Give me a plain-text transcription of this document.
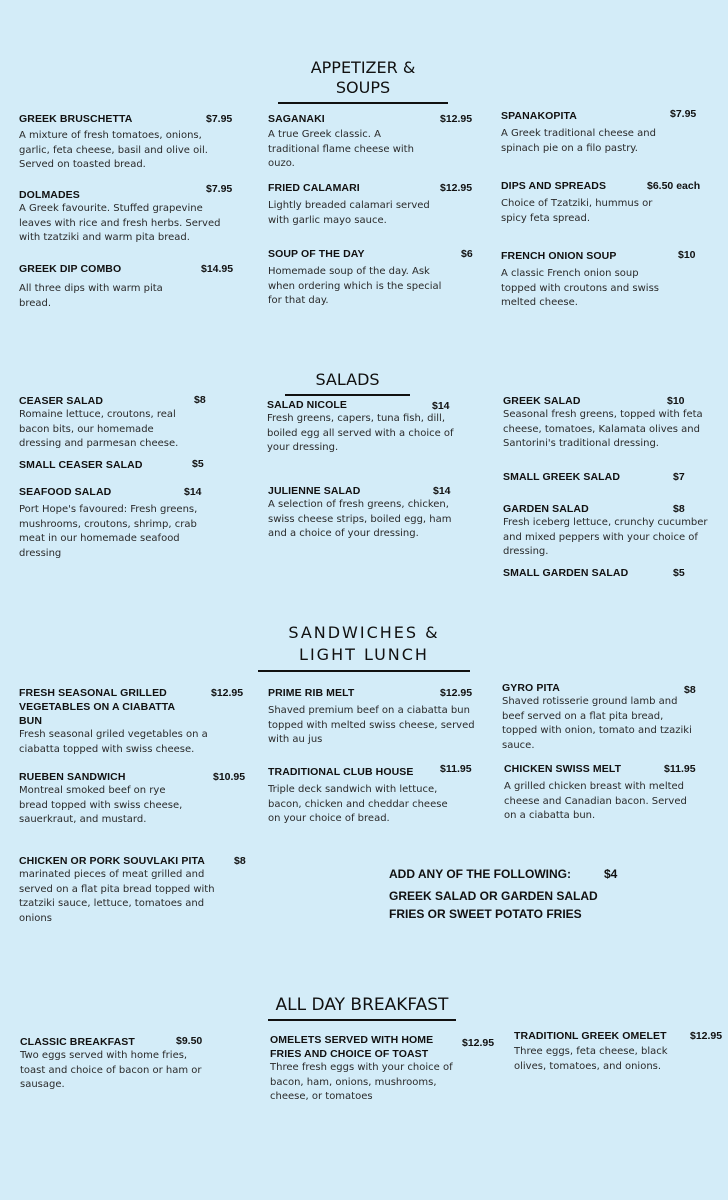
APPETIZER & SOUPS
SALADS
SANDWICHES & LIGHT LUNCH
ALL DAY BREAKFAST
GREEK BRUSCHETTA	$7.95
A mixture of fresh tomatoes, onions, garlic, feta cheese, basil and olive oil. Served on toasted bread.
DOLMADES	$7.95
A Greek favourite. Stuffed grapevine leaves with rice and fresh herbs. Served with tzatziki and warm pita bread.
GREEK DIP COMBO	$14.95
All three dips with warm pita bread.
SAGANAKI	$12.95
A true Greek classic. A traditional flame cheese with ouzo.
FRIED CALAMARI	$12.95
Lightly breaded calamari served with garlic mayo sauce.
SOUP OF THE DAY	$6
Homemade soup of the day. Ask when ordering which is the special for that day.
SPANAKOPITA	$7.95
A Greek traditional cheese and spinach pie on a filo pastry.
DIPS AND SPREADS	$6.50 each
Choice of Tzatziki, hummus or spicy feta spread.
FRENCH ONION SOUP	$10
A classic French onion soup topped with croutons and swiss melted cheese.
CEASER SALAD	$8
Romaine lettuce, croutons, real bacon bits, our homemade dressing and parmesan cheese.
SMALL CEASER SALAD	$5
SEAFOOD SALAD	$14
Port Hope's favoured: Fresh greens, mushrooms, croutons, shrimp, crab meat in our homemade seafood dressing
SALAD NICOLE	$14
Fresh greens, capers, tuna fish, dill, boiled egg all served with a choice of your dressing.
JULIENNE SALAD	$14
A selection of fresh greens, chicken, swiss cheese strips, boiled egg, ham and a choice of your dressing.
GREEK SALAD	$10
Seasonal fresh greens, topped with feta cheese, tomatoes, Kalamata olives and Santorini's traditional dressing.
SMALL GREEK SALAD	$7
GARDEN SALAD	$8
Fresh iceberg lettuce, crunchy cucumber and mixed peppers with your choice of dressing.
SMALL GARDEN SALAD	$5
FRESH SEASONAL GRILLED VEGETABLES ON A CIABATTA BUN
$12.95
Fresh seasonal griled vegetables on a ciabatta topped with swiss cheese.
RUEBEN SANDWICH	$10.95
Montreal smoked beef on rye bread topped with swiss cheese, sauerkraut, and mustard.
CHICKEN OR PORK SOUVLAKI PITA	$8
marinated pieces of meat grilled and served on a flat pita bread topped with tzatziki sauce, lettuce, tomatoes and onions
PRIME RIB MELT	$12.95
Shaved premium beef on a ciabatta bun topped with melted swiss cheese, served with au jus
TRADITIONAL CLUB HOUSE	$11.95
Triple deck sandwich with lettuce, bacon, chicken and cheddar cheese on your choice of bread.
GYRO PITA	$8
Shaved rotisserie ground lamb and beef served on a flat pita bread, topped with onion, tomato and tzaziki sauce.
CHICKEN SWISS MELT	$11.95
A grilled chicken breast with melted cheese and Canadian bacon. Served on a ciabatta bun.
ADD ANY OF THE FOLLOWING:	$4
GREEK SALAD OR GARDEN SALAD
FRIES OR SWEET POTATO FRIES
CLASSIC BREAKFAST	$9.50
Two eggs served with home fries, toast and choice of bacon or ham or sausage.
OMELETS SERVED WITH HOME FRIES AND CHOICE OF TOAST
$12.95
Three fresh eggs with your choice of bacon, ham, onions, mushrooms, cheese, or tomatoes
TRADITIONL GREEK OMELET	$12.95
Three eggs, feta cheese, black olives, tomatoes, and onions.
